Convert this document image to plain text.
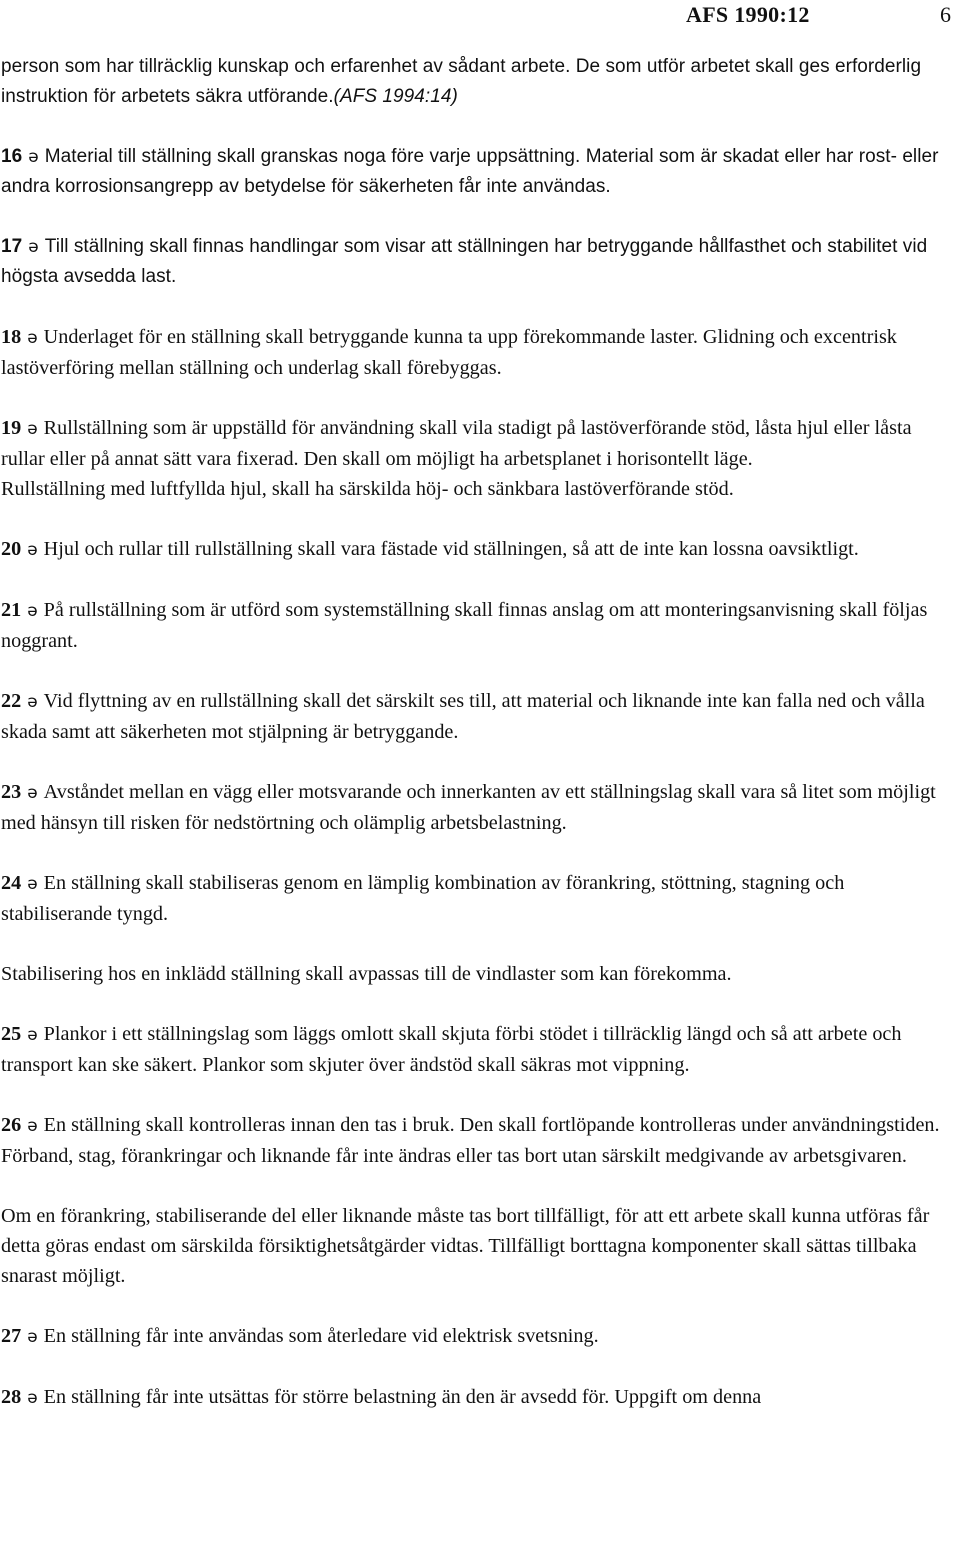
AFS 1990:12	6

person som har tillräcklig kunskap och erfarenhet av sådant arbete. De som utför arbetet skall ges erforderlig instruktion för arbetets säkra utförande.(AFS 1994:14)

16 ə Material till ställning skall granskas noga före varje uppsättning. Material som är skadat eller har rost- eller andra korrosionsangrepp av betydelse för säkerheten får inte användas.

17 ə Till ställning skall finnas handlingar som visar att ställningen har betryggande hållfasthet och stabilitet vid högsta avsedda last.

18 ə Underlaget för en ställning skall betryggande kunna ta upp förekommande laster. Glidning och excentrisk lastöverföring mellan ställning och underlag skall förebyggas.

19 ə Rullställning som är uppställd för användning skall vila stadigt på lastöverförande stöd, låsta hjul eller låsta rullar eller på annat sätt vara fixerad. Den skall om möjligt ha arbetsplanet i horisontellt läge.

Rullställning med luftfyllda hjul, skall ha särskilda höj- och sänkbara lastöverförande stöd.

20 ə Hjul och rullar till rullställning skall vara fästade vid ställningen, så att de inte kan lossna oavsiktligt.

21 ə På rullställning som är utförd som systemställning skall finnas anslag om att monteringsanvisning skall följas noggrant.

22 ə Vid flyttning av en rullställning skall det särskilt ses till, att material och liknande inte kan falla ned och vålla skada samt att säkerheten mot stjälpning är betryggande.

23 ə Avståndet mellan en vägg eller motsvarande och innerkanten av ett ställningslag skall vara så litet som möjligt med hänsyn till risken för nedstörtning och olämplig arbetsbelastning.

24 ə En ställning skall stabiliseras genom en lämplig kombination av förankring, stöttning, stagning och stabiliserande tyngd.

Stabilisering hos en inklädd ställning skall avpassas till de vindlaster som kan förekomma.

25 ə Plankor i ett ställningslag som läggs omlott skall skjuta förbi stödet i tillräcklig längd och så att arbete och transport kan ske säkert. Plankor som skjuter över ändstöd skall säkras mot vippning.

26 ə En ställning skall kontrolleras innan den tas i bruk. Den skall fortlöpande kontrolleras under användningstiden. Förband, stag, förankringar och liknande får inte ändras eller tas bort utan särskilt medgivande av arbetsgivaren.

Om en förankring, stabiliserande del eller liknande måste tas bort tillfälligt, för att ett arbete skall kunna utföras får detta göras endast om särskilda försiktighetsåtgärder vidtas. Tillfälligt borttagna komponenter skall sättas tillbaka snarast möjligt.

27 ə En ställning får inte användas som återledare vid elektrisk svetsning.

28 ə En ställning får inte utsättas för större belastning än den är avsedd för. Uppgift om denna
